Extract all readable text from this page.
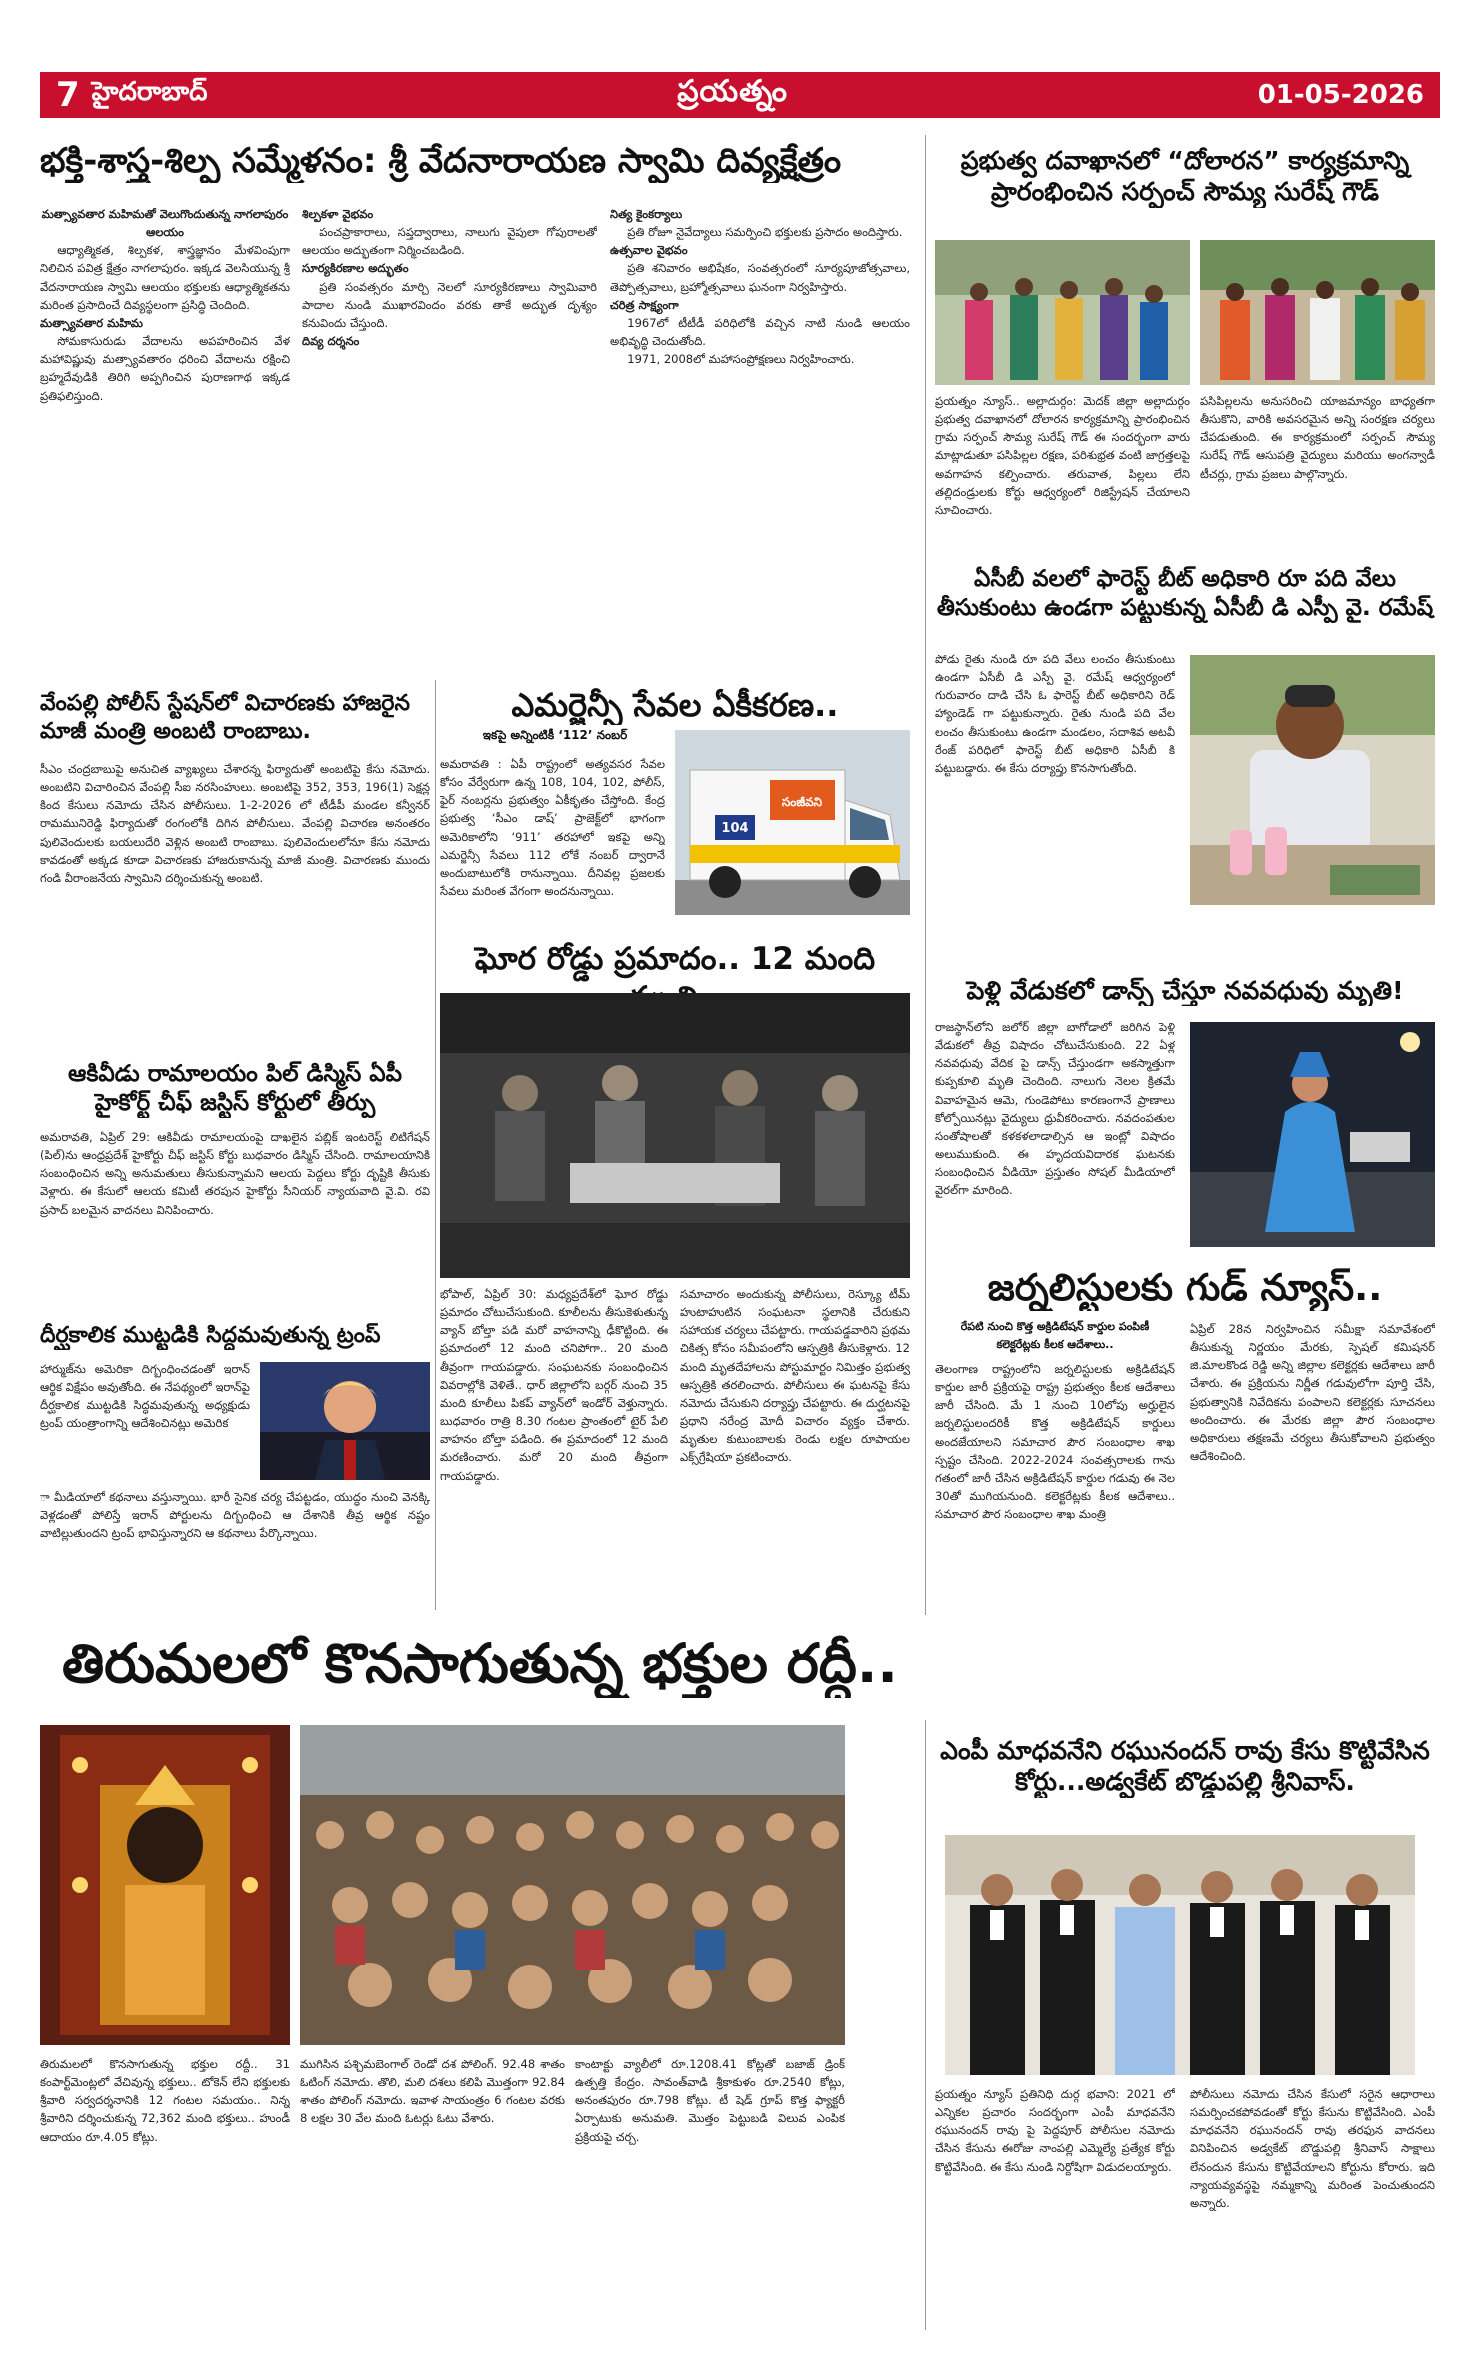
7 హైదరాబాద్	ప్రయత్నం	01-05-2026
భక్తి-శాస్త్ర-శిల్ప సమ్మేళనం: శ్రీ వేదనారాయణ స్వామి దివ్యక్షేత్రం
మత్స్యావతార మహిమతో వెలుగొందుతున్న నాగలాపురం ఆలయం

ఆధ్యాత్మికత, శిల్పకళ, శాస్త్రజ్ఞానం మేళవింపుగా నిలిచిన పవిత్ర క్షేత్రం నాగలాపురం. ఇక్కడ వెలసియున్న శ్రీ వేదనారాయణ స్వామి ఆలయం భక్తులకు ఆధ్యాత్మికతను మరింత ప్రసాదించే దివ్యస్థలంగా ప్రసిద్ధి చెందింది.

మత్స్యావతార మహిమ

సోమకాసురుడు వేదాలను అపహరించిన వేళ మహావిష్ణువు మత్స్యావతారం ధరించి వేదాలను రక్షించి బ్రహ్మదేవుడికి తిరిగి అప్పగించిన పురాణగాథ ఇక్కడ ప్రతిఫలిస్తుంది.

శిల్పకళా వైభవం

పంచప్రాకారాలు, సప్తద్వారాలు, నాలుగు వైపులా గోపురాలతో ఆలయం అద్భుతంగా నిర్మించబడింది.

సూర్యకిరణాల అద్భుతం

ప్రతి సంవత్సరం మార్చి నెలలో సూర్యకిరణాలు స్వామివారి పాదాల నుండి ముఖారవిందం వరకు తాకే అద్భుత దృశ్యం కనువిందు చేస్తుంది.

దివ్య దర్శనం
నిత్య కైంకర్యాలు

ప్రతి రోజూ నైవేద్యాలు సమర్పించి భక్తులకు ప్రసాదం అందిస్తారు.

ఉత్సవాల వైభవం

ప్రతి శనివారం అభిషేకం, సంవత్సరంలో సూర్యపూజోత్సవాలు, తెప్పోత్సవాలు, బ్రహ్మోత్సవాలు ఘనంగా నిర్వహిస్తారు.

చరిత్ర సాక్ష్యంగా

1967లో టీటీడీ పరిధిలోకి వచ్చిన నాటి నుండి ఆలయం అభివృద్ధి చెందుతోంది.

1971, 2008లో మహాసంప్రోక్షణలు నిర్వహించారు.

ప్రభుత్వ దవాఖానలో “దోలారన” కార్యక్రమాన్ని ప్రారంభించిన సర్పంచ్ సౌమ్య సురేష్ గౌడ్
ప్రయత్నం న్యూస్.. అల్లాదుర్గం: మెదక్ జిల్లా అల్లాదుర్గం ప్రభుత్వ దవాఖానలో దోలారన కార్యక్రమాన్ని ప్రారంభించిన గ్రామ సర్పంచ్ సౌమ్య సురేష్ గౌడ్ ఈ సందర్భంగా వారు మాట్లాడుతూ పసిపిల్లల రక్షణ, పరిశుభ్రత వంటి జాగ్రత్తలపై అవగాహన కల్పించారు. తరువాత, పిల్లలు లేని తల్లిదండ్రులకు కోర్టు ఆధ్వర్యంలో రిజిస్ట్రేషన్ చేయాలని సూచించారు.
పసిపిల్లలను అనుసరించి యాజమాన్యం బాధ్యతగా తీసుకొని, వారికి అవసరమైన అన్ని సంరక్షణ చర్యలు చేపడుతుంది. ఈ కార్యక్రమంలో సర్పంచ్ సౌమ్య సురేష్ గౌడ్ ఆసుపత్రి వైద్యులు మరియు అంగన్వాడీ టీచర్లు, గ్రామ ప్రజలు పాల్గొన్నారు.
ఏసీబీ వలలో ఫారెస్ట్ బీట్ అధికారి రూ పది వేలు తీసుకుంటు ఉండగా పట్టుకున్న ఏసీబీ డి ఎస్పీ వై. రమేష్
పోడు రైతు నుండి రూ పది వేలు లంచం తీసుకుంటు ఉండగా ఏసీబీ డి ఎస్పీ వై. రమేష్ ఆధ్వర్యంలో గురువారం దాడి చేసి ఓ ఫారెస్ట్ బీట్ అధికారిని రెడ్ హ్యాండెడ్ గా పట్టుకున్నారు. రైతు నుండి పది వేల లంచం తీసుకుంటు ఉండగా మండలం, సదాశివ అటవీ రేంజ్ పరిధిలో ఫారెస్ట్ బీట్ అధికారి ఏసీబీ కి పట్టుబడ్డారు. ఈ కేసు దర్యాప్తు కొనసాగుతోంది.
పెళ్లి వేడుకలో డాన్స్ చేస్తూ నవవధువు మృతి!
రాజస్థాన్‌లోని జలోర్ జిల్లా బాగోడాలో జరిగిన పెళ్లి వేడుకలో తీవ్ర విషాదం చోటుచేసుకుంది. 22 ఏళ్ల నవవధువు వేదిక పై డాన్స్ చేస్తుండగా అకస్మాత్తుగా కుప్పకూలి మృతి చెందింది. నాలుగు నెలల క్రితమే వివాహమైన ఆమె, గుండెపోటు కారణంగానే ప్రాణాలు కోల్పోయినట్లు వైద్యులు ధ్రువీకరించారు. నవదంపతుల సంతోషాలతో కళకళలాడాల్సిన ఆ ఇంట్లో విషాదం అలుముకుంది. ఈ హృదయవిదారక ఘటనకు సంబంధించిన వీడియో ప్రస్తుతం సోషల్ మీడియాలో వైరల్‌గా మారింది.
వేంపల్లి పోలీస్ స్టేషన్‌లో విచారణకు హాజరైన మాజీ మంత్రి అంబటి రాంబాబు.
సీఎం చంద్రబాబుపై అనుచిత వ్యాఖ్యలు చేశారన్న ఫిర్యాదుతో అంబటిపై కేసు నమోదు. అంబటిని విచారించిన వేంపల్లి సీఐ నరసింహులు. అంబటిపై 352, 353, 196(1) సెక్షన్ల కింద కేసులు నమోదు చేసిన పోలీసులు. 1-2-2026 లో టీడీపీ మండల కన్వీనర్ రామమునిరెడ్డి ఫిర్యాదుతో రంగంలోకి దిగిన పోలీసులు. వేంపల్లి విచారణ అనంతరం పులివెందులకు బయలుదేరి వెళ్లిన అంబటి రాంబాబు. పులివెందులలోనూ కేసు నమోదు కావడంతో అక్కడ కూడా విచారణకు హాజరుకానున్న మాజీ మంత్రి. విచారణకు ముందు గండి వీరాంజనేయ స్వామిని దర్శించుకున్న అంబటి.
ఆకివీడు రామాలయం పిల్ డిస్మిస్ ఏపీ హైకోర్ట్ చీఫ్ జస్టిస్ కోర్టులో తీర్పు
అమరావతి, ఏప్రిల్ 29: ఆకివీడు రామాలయంపై దాఖలైన పబ్లిక్ ఇంటరెస్ట్ లిటిగేషన్ (పిల్)ను ఆంధ్రప్రదేశ్ హైకోర్టు చీఫ్ జస్టిస్ కోర్టు బుధవారం డిస్మిస్ చేసింది. రామాలయానికి సంబంధించిన అన్ని అనుమతులు తీసుకున్నామని ఆలయ పెద్దలు కోర్టు దృష్టికి తీసుకు వెళ్లారు. ఈ కేసులో ఆలయ కమిటీ తరపున హైకోర్టు సీనియర్ న్యాయవాది వై.వి. రవి ప్రసాద్ బలమైన వాదనలు వినిపించారు.
దీర్ఘకాలిక ముట్టడికి సిద్ధమవుతున్న ట్రంప్
హార్ముజ్‌ను అమెరికా దిగ్బంధించడంతో ఇరాన్ ఆర్థిక విక్షేపం అవుతోంది. ఈ నేపథ్యంలో ఇరాన్‌పై దీర్ఘకాలిక ముట్టడికి సిద్ధమవుతున్న అధ్యక్షుడు ట్రంప్ యంత్రాంగాన్ని ఆదేశించినట్లు అమెరిక
ా మీడియాలో కథనాలు వస్తున్నాయి. భారీ సైనిక చర్య చేపట్టడం, యుద్ధం నుంచి వెనక్కి వెళ్లడంతో పోలిస్తే ఇరాన్ పోర్టులను దిగ్బంధించి ఆ దేశానికి తీవ్ర ఆర్థిక నష్టం వాటిల్లుతుందని ట్రంప్ భావిస్తున్నారని ఆ కథనాలు పేర్కొన్నాయి.
ఎమర్జెన్సీ సేవల ఏకీకరణ..
ఇకపై అన్నింటికీ ‘112’ నంబర్
అమరావతి : ఏపీ రాష్ట్రంలో అత్యవసర సేవల కోసం వేర్వేరుగా ఉన్న 108, 104, 102, పోలీస్, ఫైర్ నంబర్లను ప్రభుత్వం ఏకీకృతం చేస్తోంది. కేంద్ర ప్రభుత్వ ‘సీఎం డాష్’ ప్రాజెక్ట్‌లో భాగంగా అమెరికాలోని ‘911’ తరహాలో ఇకపై అన్ని ఎమర్జెన్సీ సేవలు 112 లోకే నంబర్ ద్వారానే అందుబాటులోకి రానున్నాయి. దీనివల్ల ప్రజలకు సేవలు మరింత వేగంగా అందనున్నాయి.
సంజీవని
104
ఘోర రోడ్డు ప్రమాదం.. 12 మంది
భోపాల్, ఏప్రిల్ 30: మధ్యప్రదేశ్‌లో ఘోర రోడ్డు ప్రమాదం చోటుచేసుకుంది. కూలీలను తీసుకెళుతున్న వ్యాన్ బోల్తా పడి మరో వాహనాన్ని ఢీకొట్టింది. ఈ ప్రమాదంలో 12 మంది చనిపోగా.. 20 మంది తీవ్రంగా గాయపడ్డారు. సంఘటనకు సంబంధించిన వివరాల్లోకి వెళితే.. ధార్ జిల్లాలోని బర్గర్ నుంచి 35 మంది కూలీలు పికప్ వ్యాన్‌లో ఇండోర్ వెళ్తున్నారు. బుధవారం రాత్రి 8.30 గంటల ప్రాంతంలో టైర్ పేలి వాహనం బోల్తా పడింది. ఈ ప్రమాదంలో 12 మంది మరణించారు. మరో 20 మంది తీవ్రంగా గాయపడ్డారు.
సమాచారం అందుకున్న పోలీసులు, రెస్క్యూ టీమ్ హుటాహుటిన సంఘటనా స్థలానికి చేరుకుని సహాయక చర్యలు చేపట్టారు. గాయపడ్డవారిని ప్రథమ చికిత్స కోసం సమీపంలోని ఆస్పత్రికి తీసుకెళ్లారు. 12 మంది మృతదేహాలను పోస్టుమార్టం నిమిత్తం ప్రభుత్వ ఆస్పత్రికి తరలించారు. పోలీసులు ఈ ఘటనపై కేసు నమోదు చేసుకుని దర్యాప్తు చేపట్టారు. ఈ దుర్ఘటనపై ప్రధాని నరేంద్ర మోదీ విచారం వ్యక్తం చేశారు. మృతుల కుటుంబాలకు రెండు లక్షల రూపాయల ఎక్స్‌గ్రేషియా ప్రకటించారు.
జర్నలిస్టులకు గుడ్ న్యూస్..
రేపటి నుంచి కొత్త అక్రిడిటేషన్ కార్డుల పంపిణీ
కలెక్టరేట్లకు కీలక ఆదేశాలు..
తెలంగాణ రాష్ట్రంలోని జర్నలిస్టులకు అక్రిడిటేషన్ కార్డుల జారీ ప్రక్రియపై రాష్ట్ర ప్రభుత్వం కీలక ఆదేశాలు జారీ చేసింది. మే 1 నుంచి 10లోపు అర్హులైన జర్నలిస్టులందరికీ కొత్త అక్రిడిటేషన్ కార్డులు అందజేయాలని సమాచార పౌర సంబంధాల శాఖ స్పష్టం చేసింది. 2022-2024 సంవత్సరాలకు గాను గతంలో జారీ చేసిన అక్రిడిటేషన్ కార్డుల గడువు ఈ నెల 30తో ముగియనుంది. కలెక్టరేట్లకు కీలక ఆదేశాలు.. సమాచార పౌర సంబంధాల శాఖ మంత్రి
ఏప్రిల్ 28న నిర్వహించిన సమీక్షా సమావేశంలో తీసుకున్న నిర్ణయం మేరకు, స్పెషల్ కమిషనర్ జి.మాలకొండ రెడ్డి అన్ని జిల్లాల కలెక్టర్లకు ఆదేశాలు జారీ చేశారు. ఈ ప్రక్రియను నిర్ణీత గడువులోగా పూర్తి చేసి, ప్రభుత్వానికి నివేదికను పంపాలని కలెక్టర్లకు సూచనలు అందించారు. ఈ మేరకు జిల్లా పౌర సంబంధాల అధికారులు తక్షణమే చర్యలు తీసుకోవాలని ప్రభుత్వం ఆదేశించింది.
తిరుమలలో కొనసాగుతున్న భక్తుల రద్దీ..
తిరుమలలో కొనసాగుతున్న భక్తుల రద్దీ.. 31 కంపార్ట్‌మెంట్లలో వేచివున్న భక్తులు.. టోకెన్ లేని భక్తులకు శ్రీవారి సర్వదర్శనానికి 12 గంటల సమయం.. నిన్న శ్రీవారిని దర్శించుకున్న 72,362 మంది భక్తులు.. హుండీ ఆదాయం రూ.4.05 కోట్లు.
ముగిసిన పశ్చిమబెంగాల్ రెండో దశ పోలింగ్. 92.48 శాతం ఓటింగ్ నమోదు. తొలి, మలి దశలు కలిపి మొత్తంగా 92.84 శాతం పోలింగ్ నమోదు. ఇవాళ సాయంత్రం 6 గంటల వరకు 8 లక్షల 30 వేల మంది ఓటర్లు ఓటు వేశారు.
కాంటాక్టు వ్యాలీలో రూ.1208.41 కోట్లతో బజాజ్ డ్రింక్ ఉత్పత్తి కేంద్రం. సావంత్‌వాడి శ్రీకాకుళం రూ.2540 కోట్లు, అనంతపురం రూ.798 కోట్లు. టీ షెడ్ గ్రూప్ కొత్త ఫ్యాక్టరీ ఏర్పాటుకు అనుమతి. మొత్తం పెట్టుబడి విలువ ఎంపిక ప్రక్రియపై చర్చ.
ఎంపీ మాధవనేని రఘునందన్ రావు కేసు కొట్టివేసిన కోర్టు...అడ్వకేట్ బొడ్డుపల్లి శ్రీనివాస్.
ప్రయత్నం న్యూస్ ప్రతినిధి దుర్గ భవాని: 2021 లో ఎన్నికల ప్రచారం సందర్భంగా ఎంపీ మాధవనేని రఘునందన్ రావు పై పెద్దపూర్ పోలీసుల నమోదు చేసిన కేసును ఈరోజు నాంపల్లి ఎమ్మెల్యే ప్రత్యేక కోర్టు కొట్టివేసింది. ఈ కేసు నుండి నిర్దోషిగా విడుదలయ్యారు.
పోలీసులు నమోదు చేసిన కేసులో సరైన ఆధారాలు సమర్పించకపోవడంతో కోర్టు కేసును కొట్టివేసింది. ఎంపీ మాధవనేని రఘునందన్ రావు తరఫున వాదనలు వినిపించిన అడ్వకేట్ బొడ్డుపల్లి శ్రీనివాస్ సాక్షాలు లేనందున కేసును కొట్టివేయాలని కోర్టును కోరారు. ఇది న్యాయవ్యవస్థపై నమ్మకాన్ని మరింత పెంచుతుందని అన్నారు.
